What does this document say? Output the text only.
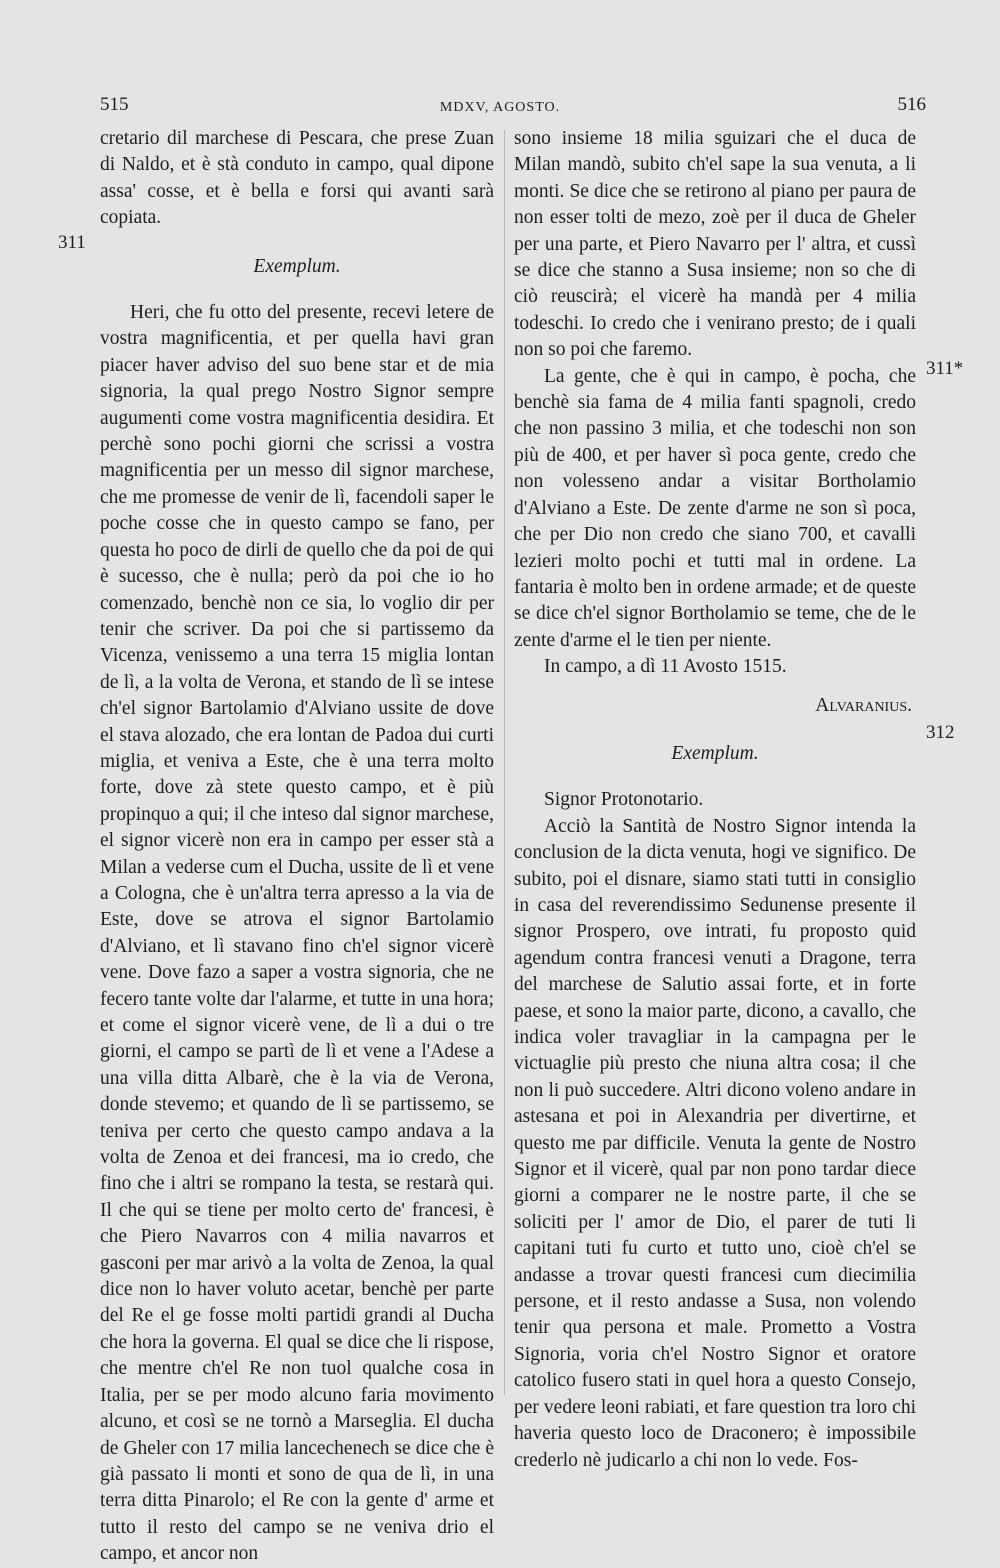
515	MDXV, AGOSTO.	516
311
311*
312

cretario dil marchese di Pescara, che prese Zuan di Naldo, et è stà conduto in campo, qual dipone assa' cosse, et è bella e forsi qui avanti sarà copiata.

Exemplum.

Heri, che fu otto del presente, recevi letere de vostra magnificentia, et per quella havi gran piacer haver adviso del suo bene star et de mia signoria, la qual prego Nostro Signor sempre augumenti come vostra magnificentia desidira. Et perchè sono pochi giorni che scrissi a vostra magnificentia per un messo dil signor marchese, che me promesse de venir de lì, facendoli saper le poche cosse che in questo campo se fano, per questa ho poco de dirli de quello che da poi de qui è sucesso, che è nulla; però da poi che io ho comenzado, benchè non ce sia, lo voglio dir per tenir che scriver. Da poi che si partissemo da Vicenza, venissemo a una terra 15 miglia lontan de lì, a la volta de Verona, et stando de lì se intese ch'el signor Bartolamio d'Alviano ussite de dove el stava alozado, che era lontan de Padoa dui curti miglia, et veniva a Este, che è una terra molto forte, dove zà stete questo campo, et è più propinquo a qui; il che inteso dal signor marchese, el signor vicerè non era in campo per esser stà a Milan a vederse cum el Ducha, ussite de lì et vene a Cologna, che è un'altra terra apresso a la via de Este, dove se atrova el signor Bartolamio d'Alviano, et lì stavano fino ch'el signor vicerè vene. Dove fazo a saper a vostra signoria, che ne fecero tante volte dar l'alarme, et tutte in una hora; et come el signor vicerè vene, de lì a dui o tre giorni, el campo se partì de lì et vene a l'Adese a una villa ditta Albarè, che è la via de Verona, donde stevemo; et quando de lì se partissemo, se teniva per certo che questo campo andava a la volta de Zenoa et dei francesi, ma io credo, che fino che i altri se rompano la testa, se restarà qui. Il che qui se tiene per molto certo de' francesi, è che Piero Navarros con 4 milia navarros et gasconi per mar arivò a la volta de Zenoa, la qual dice non lo haver voluto acetar, benchè per parte del Re el ge fosse molti partidi grandi al Ducha che hora la governa. El qual se dice che li rispose, che mentre ch'el Re non tuol qualche cosa in Italia, per se per modo alcuno faria movimento alcuno, et così se ne tornò a Marseglia. El ducha de Gheler con 17 milia lancechenech se dice che è già passato li monti et sono de qua de lì, in una terra ditta Pinarolo; el Re con la gente d' arme et tutto il resto del campo se ne veniva drio el campo, et ancor non

sono insieme 18 milia sguizari che el duca de Milan mandò, subito ch'el sape la sua venuta, a li monti. Se dice che se retirono al piano per paura de non esser tolti de mezo, zoè per il duca de Gheler per una parte, et Piero Navarro per l' altra, et cussì se dice che stanno a Susa insieme; non so che di ciò reuscirà; el vicerè ha mandà per 4 milia todeschi. Io credo che i venirano presto; de i quali non so poi che faremo.

La gente, che è qui in campo, è pocha, che benchè sia fama de 4 milia fanti spagnoli, credo che non passino 3 milia, et che todeschi non son più de 400, et per haver sì poca gente, credo che non volesseno andar a visitar Bortholamio d'Alviano a Este. De zente d'arme ne son sì poca, che per Dio non credo che siano 700, et cavalli lezieri molto pochi et tutti mal in ordene. La fantaria è molto ben in ordene armade; et de queste se dice ch'el signor Bortholamio se teme, che de le zente d'arme el le tien per niente.

In campo, a dì 11 Avosto 1515.

Alvaranius.

Exemplum.

Signor Protonotario.

Acciò la Santità de Nostro Signor intenda la conclusion de la dicta venuta, hogi ve significo. De subito, poi el disnare, siamo stati tutti in consiglio in casa del reverendissimo Sedunense presente il signor Prospero, ove intrati, fu proposto quid agendum contra francesi venuti a Dragone, terra del marchese de Salutio assai forte, et in forte paese, et sono la maior parte, dicono, a cavallo, che indica voler travagliar in la campagna per le victuaglie più presto che niuna altra cosa; il che non li può succedere. Altri dicono voleno andare in astesana et poi in Alexandria per divertirne, et questo me par difficile. Venuta la gente de Nostro Signor et il vicerè, qual par non pono tardar diece giorni a comparer ne le nostre parte, il che se soliciti per l' amor de Dio, el parer de tuti li capitani tuti fu curto et tutto uno, cioè ch'el se andasse a trovar questi francesi cum diecimilia persone, et il resto andasse a Susa, non volendo tenir qua persona et male. Prometto a Vostra Signoria, voria ch'el Nostro Signor et oratore catolico fusero stati in quel hora a questo Consejo, per vedere leoni rabiati, et fare question tra loro chi haveria questo loco de Draconero; è impossibile crederlo nè judicarlo a chi non lo vede. Fos-
